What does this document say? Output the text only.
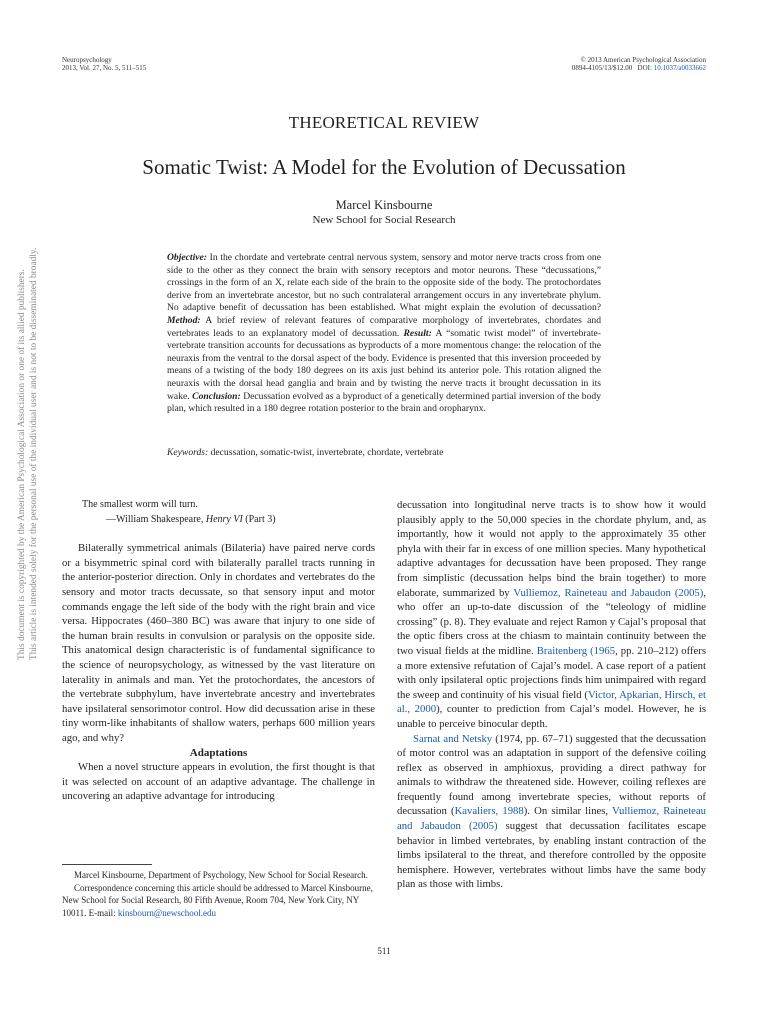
Neuropsychology
2013, Vol. 27, No. 5, 511–515
© 2013 American Psychological Association
0894-4105/13/$12.00 DOI: 10.1037/a0033662
THEORETICAL REVIEW
Somatic Twist: A Model for the Evolution of Decussation
Marcel Kinsbourne
New School for Social Research

Objective: In the chordate and vertebrate central nervous system, sensory and motor nerve tracts cross from one side to the other as they connect the brain with sensory receptors and motor neurons. These “decussations,” crossings in the form of an X, relate each side of the brain to the opposite side of the body. The protochordates derive from an invertebrate ancestor, but no such contralateral arrangement occurs in any invertebrate phylum. No adaptive benefit of decussation has been established. What might explain the evolution of decussation? Method: A brief review of relevant features of comparative morphology of invertebrates, chordates and vertebrates leads to an explanatory model of decussation. Result: A “somatic twist model” of invertebrate-vertebrate transition accounts for decussations as byproducts of a more momentous change: the relocation of the neuraxis from the ventral to the dorsal aspect of the body. Evidence is presented that this inversion proceeded by means of a twisting of the body 180 degrees on its axis just behind its anterior pole. This rotation aligned the neuraxis with the dorsal head ganglia and brain and by twisting the nerve tracts it brought decussation in its wake. Conclusion: Decussation evolved as a byproduct of a genetically determined partial inversion of the body plan, which resulted in a 180 degree rotation posterior to the brain and oropharynx.

Keywords: decussation, somatic-twist, invertebrate, chordate, vertebrate
This document is copyrighted by the American Psychological Association or one of its allied publishers. This article is intended solely for the personal use of the individual user and is not to be disseminated broadly.	The smallest worm will turn.
—William Shakespeare, Henry VI (Part 3)

Bilaterally symmetrical animals (Bilateria) have paired nerve cords or a bisymmetric spinal cord with bilaterally parallel tracts running in the anterior-posterior direction. Only in chordates and vertebrates do the sensory and motor tracts decussate, so that sensory input and motor commands engage the left side of the body with the right brain and vice versa. Hippocrates (460–380 BC) was aware that injury to one side of the human brain results in convulsion or paralysis on the opposite side. This anatomical design characteristic is of fundamental significance to the science of neuropsychology, as witnessed by the vast literature on laterality in animals and man. Yet the protochordates, the ancestors of the vertebrate subphylum, have invertebrate ancestry and invertebrates have ipsilateral sensorimotor control. How did decussation arise in these tiny worm-like inhabitants of shallow waters, perhaps 600 million years ago, and why?

Adaptations

When a novel structure appears in evolution, the first thought is that it was selected on account of an adaptive advantage. The challenge in uncovering an adaptive advantage for introducing

decussation into longitudinal nerve tracts is to show how it would plausibly apply to the 50,000 species in the chordate phylum, and, as importantly, how it would not apply to the approximately 35 other phyla with their far in excess of one million species. Many hypothetical adaptive advantages for decussation have been proposed. They range from simplistic (decussation helps bind the brain together) to more elaborate, summarized by Vulliemoz, Raineteau and Jabaudon (2005), who offer an up-to-date discussion of the “teleology of midline crossing” (p. 8). They evaluate and reject Ramon y Cajal’s proposal that the optic fibers cross at the chiasm to maintain continuity between the two visual fields at the midline. Braitenberg (1965, pp. 210–212) offers a more extensive refutation of Cajal’s model. A case report of a patient with only ipsilateral optic projections finds him unimpaired with regard the sweep and continuity of his visual field (Victor, Apkarian, Hirsch, et al., 2000), counter to prediction from Cajal’s model. However, he is unable to perceive binocular depth.

Sarnat and Netsky (1974, pp. 67–71) suggested that the decussation of motor control was an adaptation in support of the defensive coiling reflex as observed in amphioxus, providing a direct pathway for animals to withdraw the threatened side. However, coiling reflexes are frequently found among invertebrate species, without reports of decussation (Kavaliers, 1988). On similar lines, Vulliemoz, Raineteau and Jabaudon (2005) suggest that decussation facilitates escape behavior in limbed vertebrates, by enabling instant contraction of the limbs ipsilateral to the threat, and therefore controlled by the opposite hemisphere. However, vertebrates without limbs have the same body plan as those with limbs.

Marcel Kinsbourne, Department of Psychology, New School for Social Research.

Correspondence concerning this article should be addressed to Marcel Kinsbourne, New School for Social Research, 80 Fifth Avenue, Room 704, New York City, NY 10011. E-mail: kinsbourn@newschool.edu

511
